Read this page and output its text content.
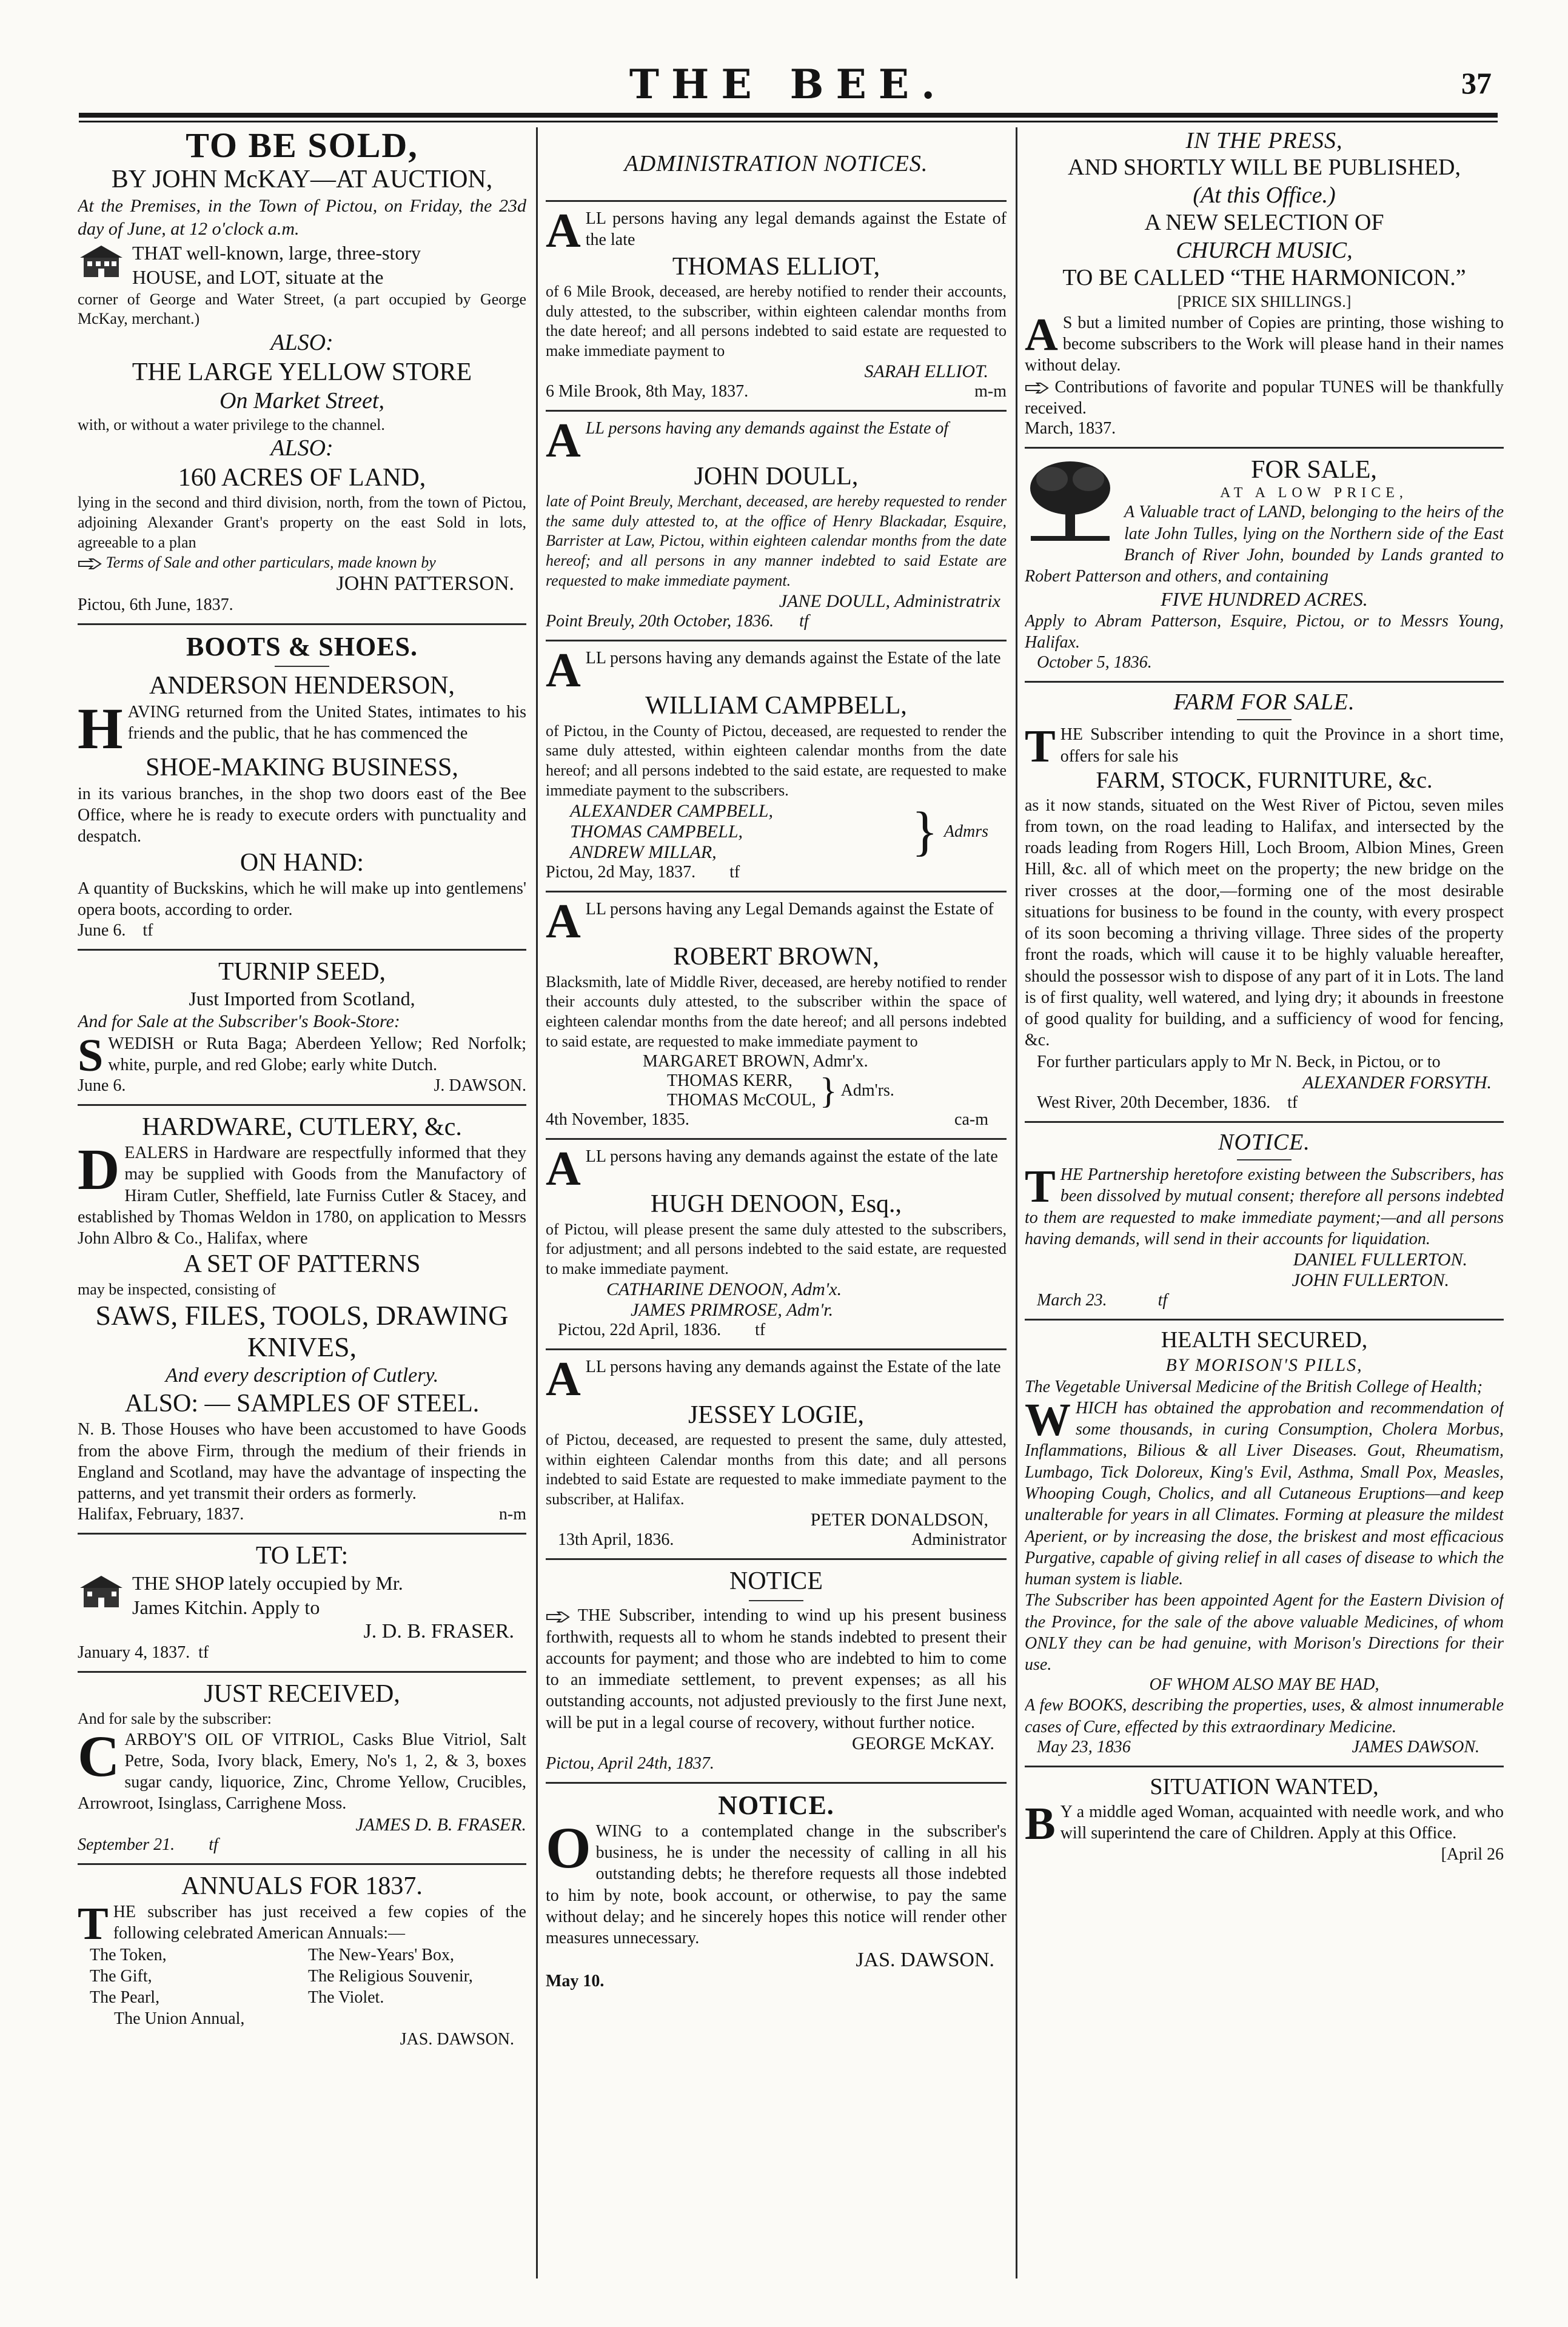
THE BEE.	37

TO BE SOLD,

BY JOHN McKAY—AT AUCTION,

At the Premises, in the Town of Pictou, on Friday, the 23d day of June, at 12 o'clock a.m.

THAT well-known, large, three-story
HOUSE, and LOT, situate at the

corner of George and Water Street, (a part occupied by George McKay, merchant.)

ALSO:

THE LARGE YELLOW STORE

On Market Street,

with, or without a water privilege to the channel.

ALSO:

160 ACRES OF LAND,

lying in the second and third division, north, from the town of Pictou, adjoining Alexander Grant's property on the east Sold in lots, agreeable to a plan

Terms of Sale and other particulars, made known by

JOHN PATTERSON.

Pictou, 6th June, 1837.

BOOTS & SHOES.

ANDERSON HENDERSON,

HAVING returned from the United States, intimates to his friends and the public, that he has commenced the

SHOE-MAKING BUSINESS,

in its various branches, in the shop two doors east of the Bee Office, where he is ready to execute orders with punctuality and despatch.

ON HAND:

A quantity of Buckskins, which he will make up into gentlemens' opera boots, according to order.

June 6. tf

TURNIP SEED,

Just Imported from Scotland,

And for Sale at the Subscriber's Book-Store:

SWEDISH or Ruta Baga; Aberdeen Yellow; Red Norfolk; white, purple, and red Globe; early white Dutch.

June 6.	J. DAWSON.

HARDWARE, CUTLERY, &c.

DEALERS in Hardware are respectfully informed that they may be supplied with Goods from the Manufactory of Hiram Cutler, Sheffield, late Furniss Cutler & Stacey, and established by Thomas Weldon in 1780, on application to Messrs John Albro & Co., Halifax, where

A SET OF PATTERNS

may be inspected, consisting of

SAWS, FILES, TOOLS, DRAWING KNIVES,

And every description of Cutlery.

ALSO: — SAMPLES OF STEEL.

N. B. Those Houses who have been accustomed to have Goods from the above Firm, through the medium of their friends in England and Scotland, may have the advantage of inspecting the patterns, and yet transmit their orders as formerly.

Halifax, February, 1837.	n-m

TO LET:

THE SHOP lately occupied by Mr.
James Kitchin. Apply to

J. D. B. FRASER.

January 4, 1837. tf

JUST RECEIVED,

And for sale by the subscriber:

CARBOY'S OIL OF VITRIOL, Casks Blue Vitriol, Salt Petre, Soda, Ivory black, Emery, No's 1, 2, & 3, boxes sugar candy, liquorice, Zinc, Chrome Yellow, Crucibles, Arrowroot, Isinglass, Carrighene Moss.

JAMES D. B. FRASER.

September 21. tf

ANNUALS FOR 1837.

THE subscriber has just received a few copies of the following celebrated American Annuals:—

The Token,	The New-Years' Box,
The Gift,	The Religious Souvenir,
The Pearl,	The Violet.

The Union Annual,

JAS. DAWSON.

ADMINISTRATION NOTICES.

ALL persons having any legal demands against the Estate of the late

THOMAS ELLIOT,

of 6 Mile Brook, deceased, are hereby notified to render their accounts, duly attested, to the subscriber, within eighteen calendar months from the date hereof; and all persons indebted to said estate are requested to make immediate payment to

SARAH ELLIOT.

6 Mile Brook, 8th May, 1837.	m-m

ALL persons having any demands against the Estate of

JOHN DOULL,

late of Point Breuly, Merchant, deceased, are hereby requested to render the same duly attested to, at the office of Henry Blackadar, Esquire, Barrister at Law, Pictou, within eighteen calendar months from the date hereof; and all persons in any manner indebted to said Estate are requested to make immediate payment.

JANE DOULL, Administratrix

Point Breuly, 20th October, 1836. tf

ALL persons having any demands against the Estate of the late

WILLIAM CAMPBELL,

of Pictou, in the County of Pictou, deceased, are requested to render the same duly attested, within eighteen calendar months from the date hereof; and all persons indebted to the said estate, are requested to make immediate payment to the subscribers.

ALEXANDER CAMPBELL,

THOMAS CAMPBELL,

ANDREW MILLAR,	} Admrs

Pictou, 2d May, 1837. tf

ALL persons having any Legal Demands against the Estate of

ROBERT BROWN,

Blacksmith, late of Middle River, deceased, are hereby notified to render their accounts duly attested, to the subscriber within the space of eighteen calendar months from the date hereof; and all persons indebted to said estate, are requested to make immediate payment to

MARGARET BROWN, Admr'x.

THOMAS KERR,

THOMAS McCOUL, } Adm'rs.
4th November, 1835.	ca-m

ALL persons having any demands against the estate of the late

HUGH DENOON, Esq.,

of Pictou, will please present the same duly attested to the subscribers, for adjustment; and all persons indebted to the said estate, are requested to make immediate payment.

CATHARINE DENOON, Adm'x.

JAMES PRIMROSE, Adm'r.

Pictou, 22d April, 1836. tf

ALL persons having any demands against the Estate of the late

JESSEY LOGIE,

of Pictou, deceased, are requested to present the same, duly attested, within eighteen Calendar months from this date; and all persons indebted to said Estate are requested to make immediate payment to the subscriber, at Halifax.

PETER DONALDSON,

13th April, 1836.	Administrator

NOTICE

THE Subscriber, intending to wind up his present business forthwith, requests all to whom he stands indebted to present their accounts for payment; and those who are indebted to him to come to an immediate settlement, to prevent expenses; as all his outstanding accounts, not adjusted previously to the first June next, will be put in a legal course of recovery, without further notice.

GEORGE McKAY.

Pictou, April 24th, 1837.

NOTICE.

OWING to a contemplated change in the subscriber's business, he is under the necessity of calling in all his outstanding debts; he therefore requests all those indebted to him by note, book account, or otherwise, to pay the same without delay; and he sincerely hopes this notice will render other measures unnecessary.

JAS. DAWSON.

May 10.

IN THE PRESS,

AND SHORTLY WILL BE PUBLISHED,

(At this Office.)

A NEW SELECTION OF

CHURCH MUSIC,

TO BE CALLED “THE HARMONICON.”

[PRICE SIX SHILLINGS.]

A S but a limited number of Copies are printing, those wishing to become subscribers to the Work will please hand in their names without delay.

Contributions of favorite and popular TUNES will be thankfully received.

March, 1837.

FOR SALE,

AT A LOW PRICE,

A Valuable tract of LAND, belonging to the heirs of the late John Tulles, lying on the Northern side of the East Branch of River John, bounded by Lands granted to Robert Patterson and others, and containing

FIVE HUNDRED ACRES.

Apply to Abram Patterson, Esquire, Pictou, or to Messrs Young, Halifax.

October 5, 1836.

FARM FOR SALE.

THE Subscriber intending to quit the Province in a short time, offers for sale his

FARM, STOCK, FURNITURE, &c.

as it now stands, situated on the West River of Pictou, seven miles from town, on the road leading to Halifax, and intersected by the roads leading from Rogers Hill, Loch Broom, Albion Mines, Green Hill, &c. all of which meet on the property; the new bridge on the river crosses at the door,—forming one of the most desirable situations for business to be found in the county, with every prospect of its soon becoming a thriving village. Three sides of the property front the roads, which will cause it to be highly valuable hereafter, should the possessor wish to dispose of any part of it in Lots. The land is of first quality, well watered, and lying dry; it abounds in freestone of good quality for building, and a sufficiency of wood for fencing, &c.

For further particulars apply to Mr N. Beck, in Pictou, or to

ALEXANDER FORSYTH.

West River, 20th December, 1836. tf

NOTICE.

THE Partnership heretofore existing between the Subscribers, has been dissolved by mutual consent; therefore all persons indebted to them are requested to make immediate payment;—and all persons having demands, will send in their accounts for liquidation.

DANIEL FULLERTON.

JOHN FULLERTON.

March 23.	tf

HEALTH SECURED,

BY MORISON'S PILLS,

The Vegetable Universal Medicine of the British College of Health;

WHICH has obtained the approbation and recommendation of some thousands, in curing Consumption, Cholera Morbus, Inflammations, Bilious & all Liver Diseases. Gout, Rheumatism, Lumbago, Tick Doloreux, King's Evil, Asthma, Small Pox, Measles, Whooping Cough, Cholics, and all Cutaneous Eruptions—and keep unalterable for years in all Climates. Forming at pleasure the mildest Aperient, or by increasing the dose, the briskest and most efficacious Purgative, capable of giving relief in all cases of disease to which the human system is liable.

The Subscriber has been appointed Agent for the Eastern Division of the Province, for the sale of the above valuable Medicines, of whom ONLY they can be had genuine, with Morison's Directions for their use.

OF WHOM ALSO MAY BE HAD,

A few BOOKS, describing the properties, uses, & almost innumerable cases of Cure, effected by this extraordinary Medicine.

May 23, 1836	JAMES DAWSON.

SITUATION WANTED,

B Y a middle aged Woman, acquainted with needle work, and who will superintend the care of Children. Apply at this Office.
[April 26
